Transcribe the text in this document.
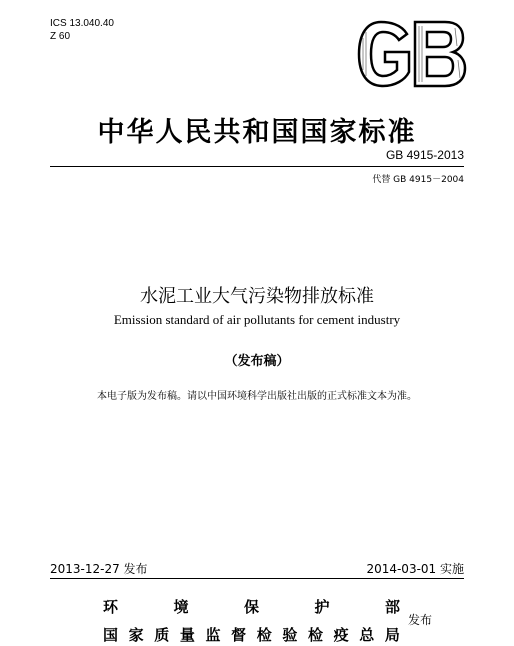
ICS 13.040.40
Z 60
GB
中华人民共和国国家标准
GB 4915-2013
代替 GB 4915－2004
水泥工业大气污染物排放标准
Emission standard of air pollutants for cement industry
（发布稿）
本电子版为发布稿。请以中国环境科学出版社出版的正式标准文本为准。
2013-12-27 发布	2014-03-01 实施
环	境	保	护	部
国 家 质 量 监 督 检 验 检 疫 总 局
发布
